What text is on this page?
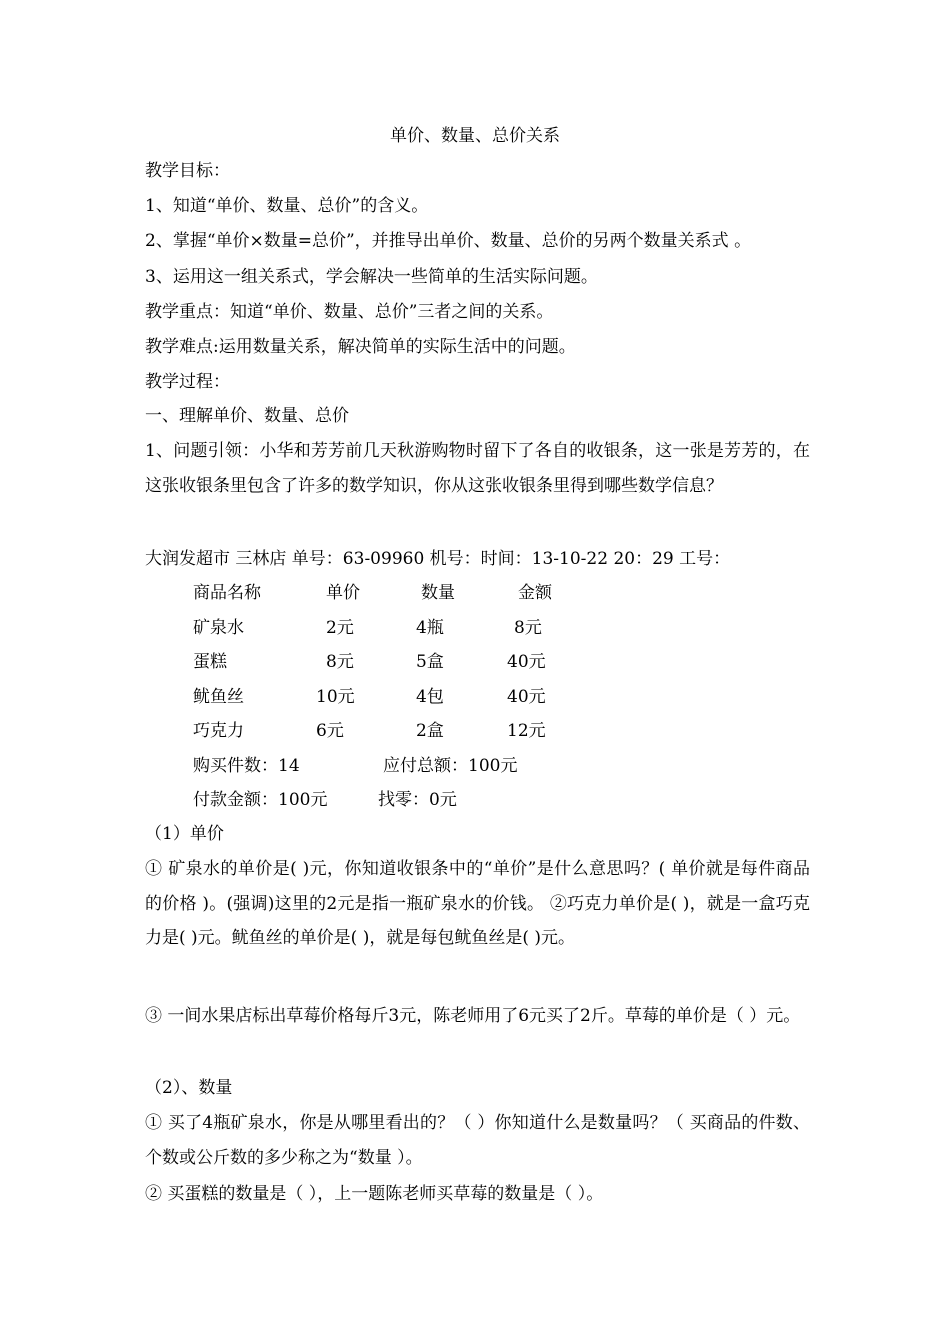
单价、数量、总价关系
教学目标：
1、知道“单价、数量、总价”的含义。
2、掌握“单价×数量=总价”，并推导出单价、数量、总价的另两个数量关系式 。
3、运用这一组关系式，学会解决一些简单的生活实际问题。
教学重点：知道“单价、数量、总价”三者之间的关系。
教学难点:运用数量关系，解决简单的实际生活中的问题。
教学过程：
一、理解单价、数量、总价
1、问题引领：小华和芳芳前几天秋游购物时留下了各自的收银条，这一张是芳芳的，在这张收银条里包含了许多的数学知识，你从这张收银条里得到哪些数学信息？
大润发超市 三林店 单号：63-09960 机号：时间：13-10-22 20：29 工号：
商品名称	单价	数量	金额
矿泉水	2元	4瓶	8元
蛋糕	8元	5盒	40元
鱿鱼丝	10元	4包	40元
巧克力	6元	2盒	12元
购买件数：14	应付总额：100元
付款金额：100元	找零：0元
（1）单价
① 矿泉水的单价是( )元，你知道收银条中的“单价”是什么意思吗？( 单价就是每件商品的价格 )。(强调)这里的2元是指一瓶矿泉水的价钱。 ②巧克力单价是( )，就是一盒巧克力是( )元。鱿鱼丝的单价是( )，就是每包鱿鱼丝是( )元。
③ 一间水果店标出草莓价格每斤3元，陈老师用了6元买了2斤。草莓的单价是（ ）元。
（2）、数量
① 买了4瓶矿泉水，你是从哪里看出的？（ ）你知道什么是数量吗？（ 买商品的件数、个数或公斤数的多少称之为“数量 ）。
② 买蛋糕的数量是（ ），上一题陈老师买草莓的数量是（ ）。
